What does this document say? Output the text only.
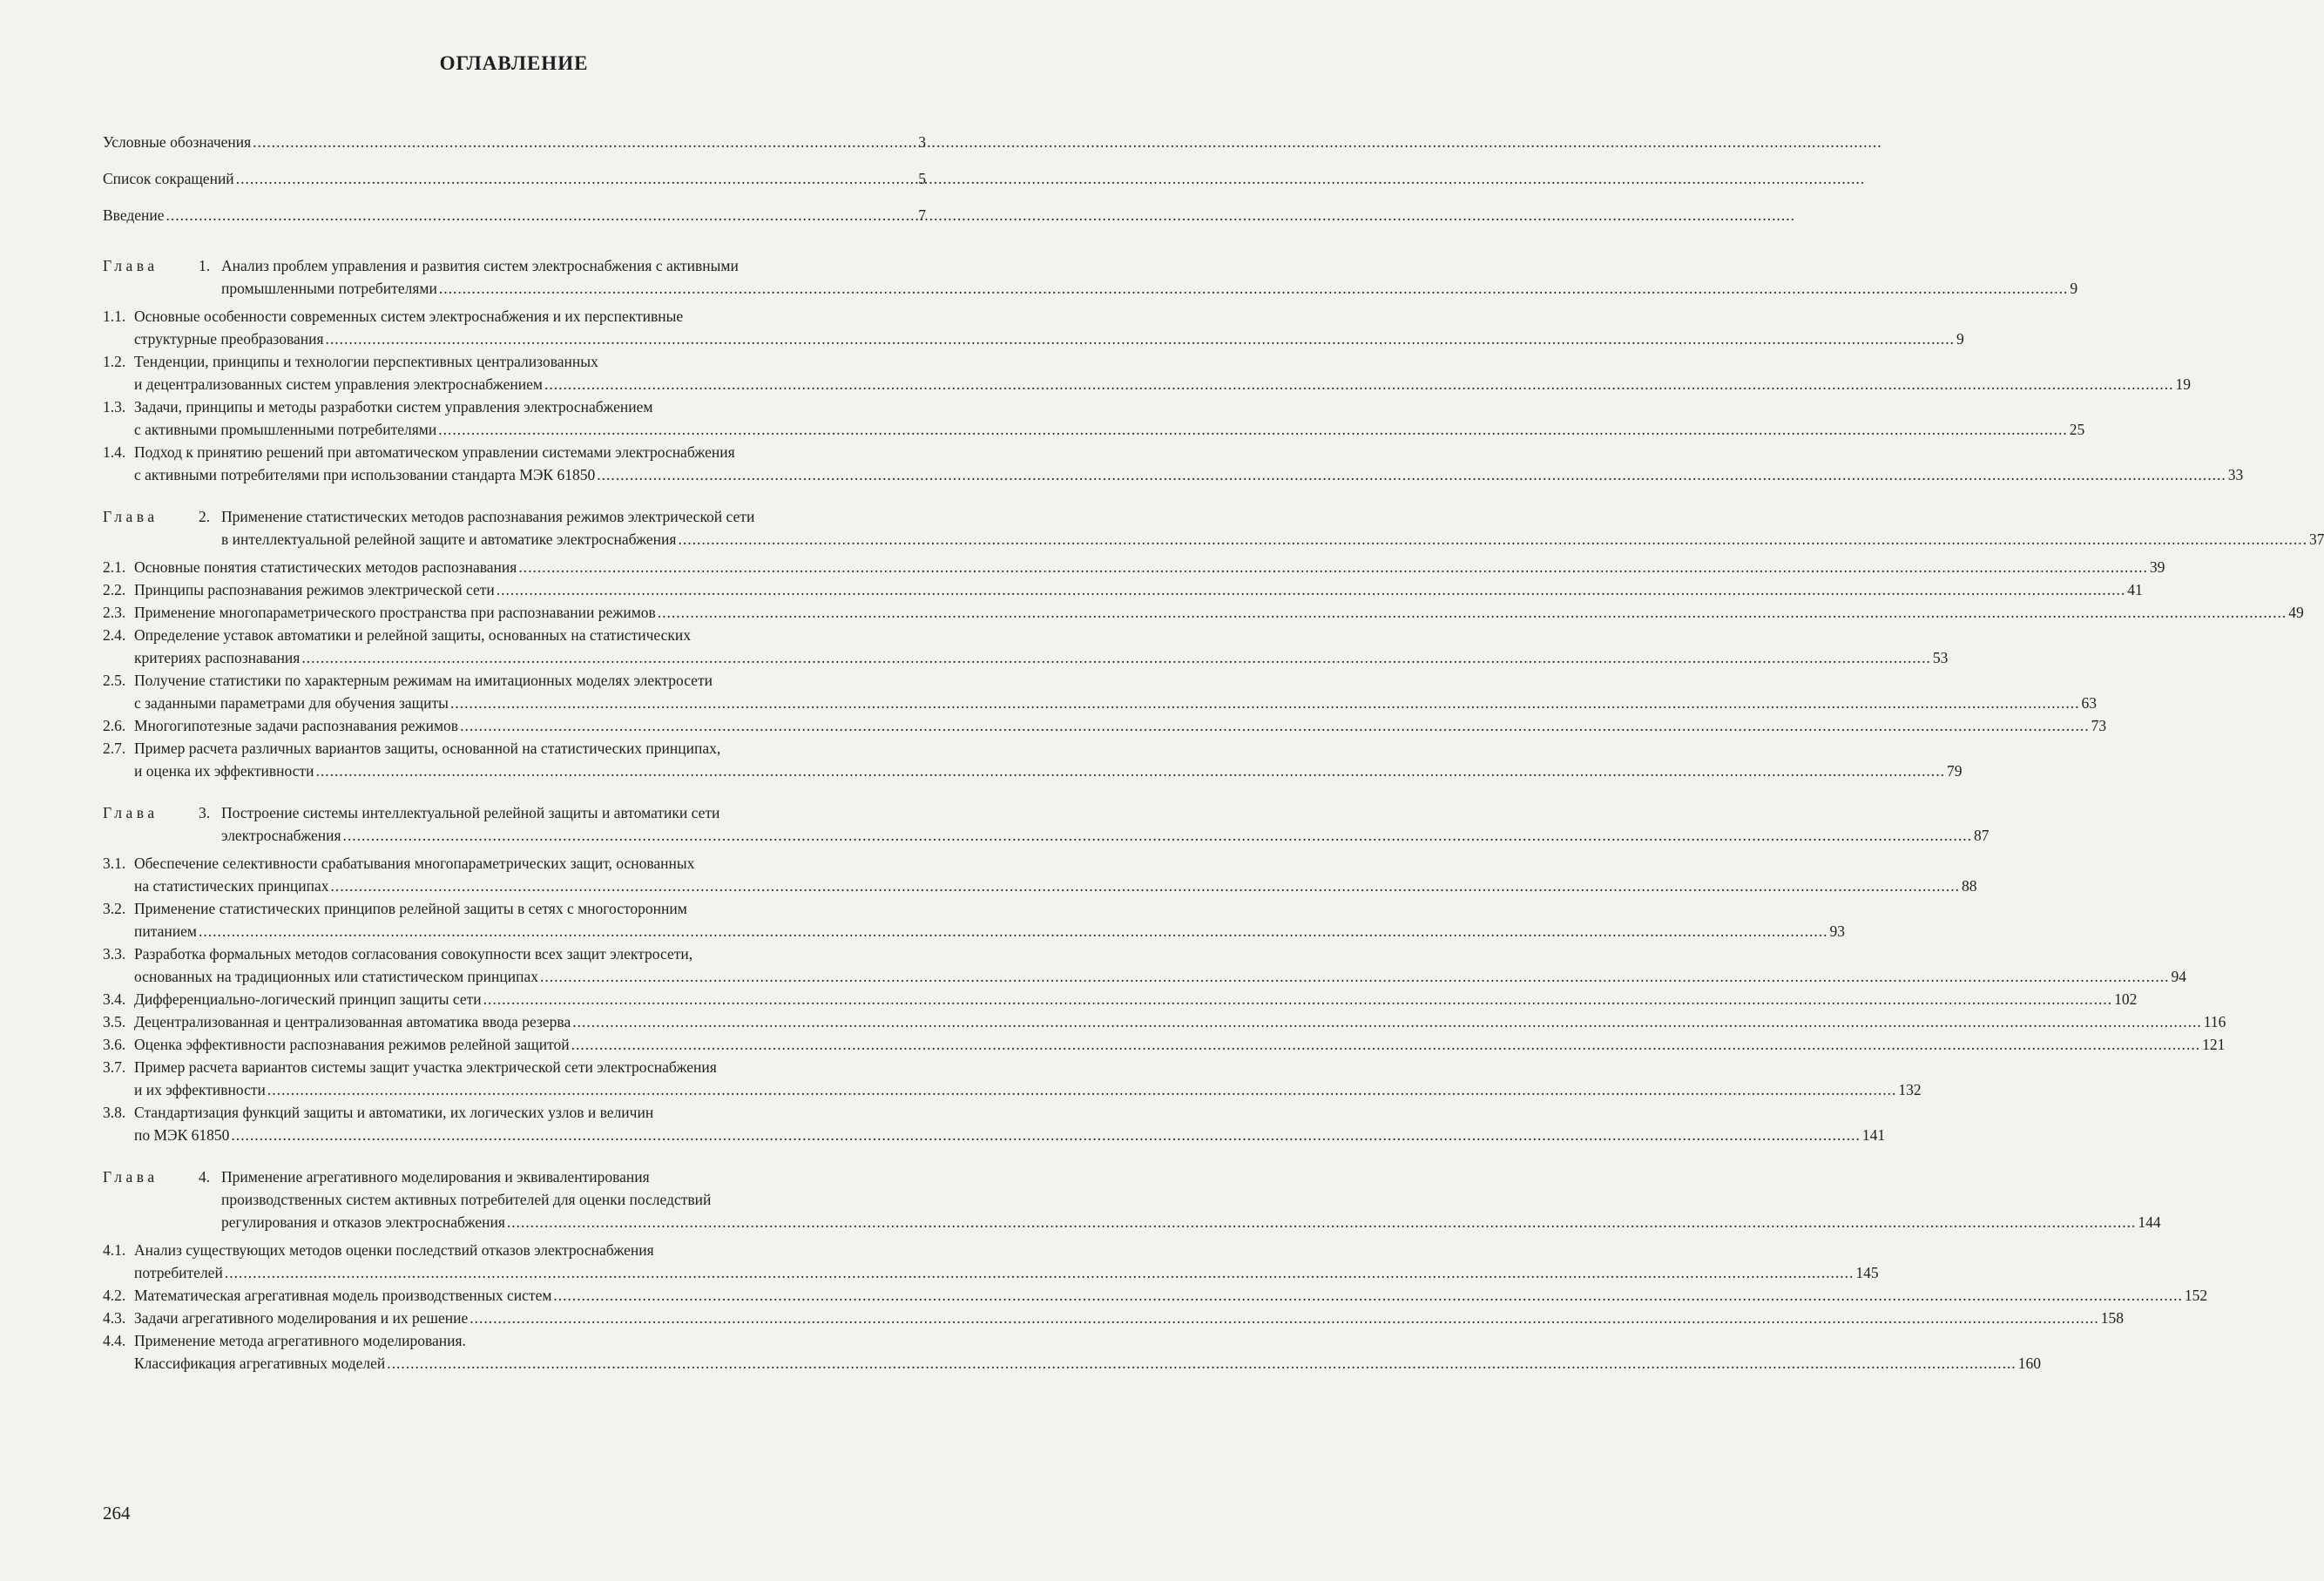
ОГЛАВЛЕНИЕ
Условные обозначения .....	3
Список сокращений .....	5
Введение .....	7
Глава	1. Анализ проблем управления и развития систем электроснабжения с активными
промышленными потребителями .....	9
1.1. Основные особенности современных систем электроснабжения и их перспективные
структурные преобразования .....	9
1.2. Тенденции, принципы и технологии перспективных централизованных
и децентрализованных систем управления электроснабжением .....	19
1.3. Задачи, принципы и методы разработки систем управления электроснабжением
с активными промышленными потребителями .....	25
1.4. Подход к принятию решений при автоматическом управлении системами электроснабжения
с активными потребителями при использовании стандарта МЭК 61850 .....	33
Глава	2. Применение статистических методов распознавания режимов электрической сети
в интеллектуальной релейной защите и автоматике электроснабжения .....	37
2.1. Основные понятия статистических методов распознавания .....	39
2.2. Принципы распознавания режимов электрической сети .....	41
2.3. Применение многопараметрического пространства при распознавании режимов .....	49
2.4. Определение уставок автоматики и релейной защиты, основанных на статистических
критериях распознавания .....	53
2.5. Получение статистики по характерным режимам на имитационных моделях электросети
с заданными параметрами для обучения защиты .....	63
2.6. Многогипотезные задачи распознавания режимов .....	73
2.7. Пример расчета различных вариантов защиты, основанной на статистических принципах,
и оценка их эффективности .....	79
Глава	3. Построение системы интеллектуальной релейной защиты и автоматики сети
электроснабжения .....	87
3.1. Обеспечение селективности срабатывания многопараметрических защит, основанных
на статистических принципах .....	88
3.2. Применение статистических принципов релейной защиты в сетях с многосторонним
питанием .....	93
3.3. Разработка формальных методов согласования совокупности всех защит электросети,
основанных на традиционных или статистическом принципах .....	94
3.4. Дифференциально-логический принцип защиты сети .....	102
3.5. Децентрализованная и централизованная автоматика ввода резерва .....	116
3.6. Оценка эффективности распознавания режимов релейной защитой .....	121
3.7. Пример расчета вариантов системы защит участка электрической сети электроснабжения
и их эффективности .....	132
3.8. Стандартизация функций защиты и автоматики, их логических узлов и величин
по МЭК 61850 .....	141
Глава	4. Применение агрегативного моделирования и эквивалентирования
производственных систем активных потребителей для оценки последствий
регулирования и отказов электроснабжения .....	144
4.1. Анализ существующих методов оценки последствий отказов электроснабжения
потребителей .....	145
4.2. Математическая агрегативная модель производственных систем .....	152
4.3. Задачи агрегативного моделирования и их решение .....	158
4.4. Применение метода агрегативного моделирования.
Классификация агрегативных моделей .....	160
264
